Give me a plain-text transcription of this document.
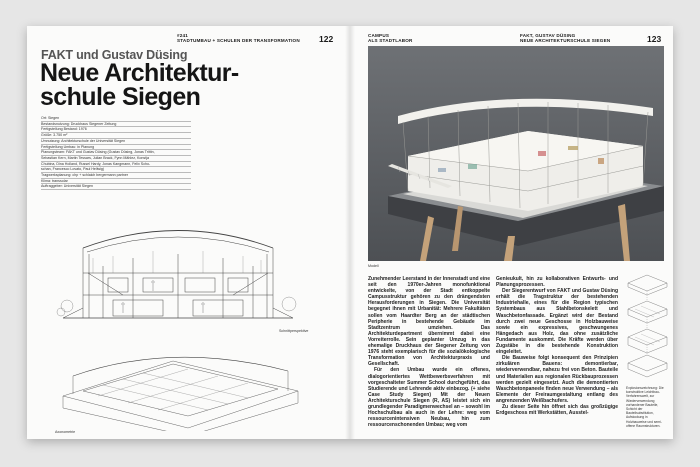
#241
STADTUMBAU + SCHULEN DER TRANSFORMATION 122
FAKT und Gustav Düsing
Neue Architektur-
schule Siegen
Ort: Siegen
Bestandsnutzung: Druckhaus Siegener Zeitung
Fertigstellung Bestand: 1976
Größe: 3.750 m²
Umnutzung: Architekturschule der Universität Siegen
Fertigstellung Umbau: in Planung
Planungsteam: FAKT und Gustav Düsing (Gustav Düsing, Jonas Trittin,
Sebastian Kern, Martin Tessars, Julian Brack, Fynn Mählez, Konstja
Chubina, Dina Holland, Russel Hardy, Jonas Kangmann, Felix Scho-
schan, Francesco Lovato, Paul Hellwig)
Tragwerksplanung: chp + schlaich bergermann partner
Klima: transsolar
Auftraggeber: Universität Siegen
Schnittperspektive
Axonometrie
CAMPUS
ALS STADTLABOR
FAKT, GUSTAV DÜSING
NEUE ARCHITEKTURSCHULE SIEGEN	123
Modell

Zunehmender Leerstand in der Innenstadt und eine seit den 1970er-Jahren monofunktional entwickelte, von der Stadt entkoppelte Campusstruktur gehören zu den drängendsten Herausforderungen in Siegen. Die Universität begegnet ihnen mit Urbanität: Mehrere Fakultäten sollen vom Haardter Berg an der städtischen Peripherie in bestehende Gebäude im Stadtzentrum umziehen. Das Architekturdepartment übernimmt dabei eine Vorreiterrolle. Sein geplanter Umzug in das ehemalige Druckhaus der Siegener Zeitung von 1976 steht exemplarisch für die sozialökologische Transformation von Architekturpraxis und Gesellschaft.

Für den Umbau wurde ein offenes, dialogorientiertes Wettbewerbsverfahren mit vorgeschalteter Summer School durchgeführt, das Studierende und Lehrende aktiv einbezog. (+ siehe Case Study Siegen) Mit der Neuen Architekturschule Siegen (R, AS) leistet sich ein grundlegender Paradigmenwechsel an – sowohl im Hochschulbau als auch in der Lehre: weg vom ressourcenintensiven Neubau, hin zum ressourcenschonenden Umbau; weg vom

Genieukult, hin zu kollaborativen Entwurfs- und Planungsprozessen.

Der Siegerentwurf von FAKT und Gustav Düsing erhält die Tragstruktur der bestehenden Industriehalle, eines für die Region typischen Systembaus aus Stahlbetonskelett und Waschbetonfassade. Ergänzt wird der Bestand durch zwei neue Geschosse in Holzbauweise sowie ein expressives, geschwungenes Hängedach aus Holz, das ohne zusätzliche Fundamente auskommt. Die Kräfte werden über Zugstäbe in die bestehende Konstruktion eingeleitet.

Die Bauweise folgt konsequent den Prinzipien zirkulären Bauens: demontierbar, wiederverwendbar, nahezu frei von Beton. Bauteile und Materialien aus regionalen Rückbauprozessen werden gezielt eingesetzt. Auch die demontierten Waschbetonpaneele finden neue Verwendung – als Elemente der Freiraumgestaltung entlang des angrenzenden Weißbachufers.

Zu dieser Seite hin öffnet sich das großzügige Erdgeschoss mit Werkstätten, Ausstel-

Explosionszeichnung: Die konstruktive Leichtbau-Verfahrenswelt, zur Wiederverwendung vorhandener Bauteile, Schicht der Bauteilsubstitution, Aufstockung in Holzbauweise und semi-offene Raumstrukturen.
